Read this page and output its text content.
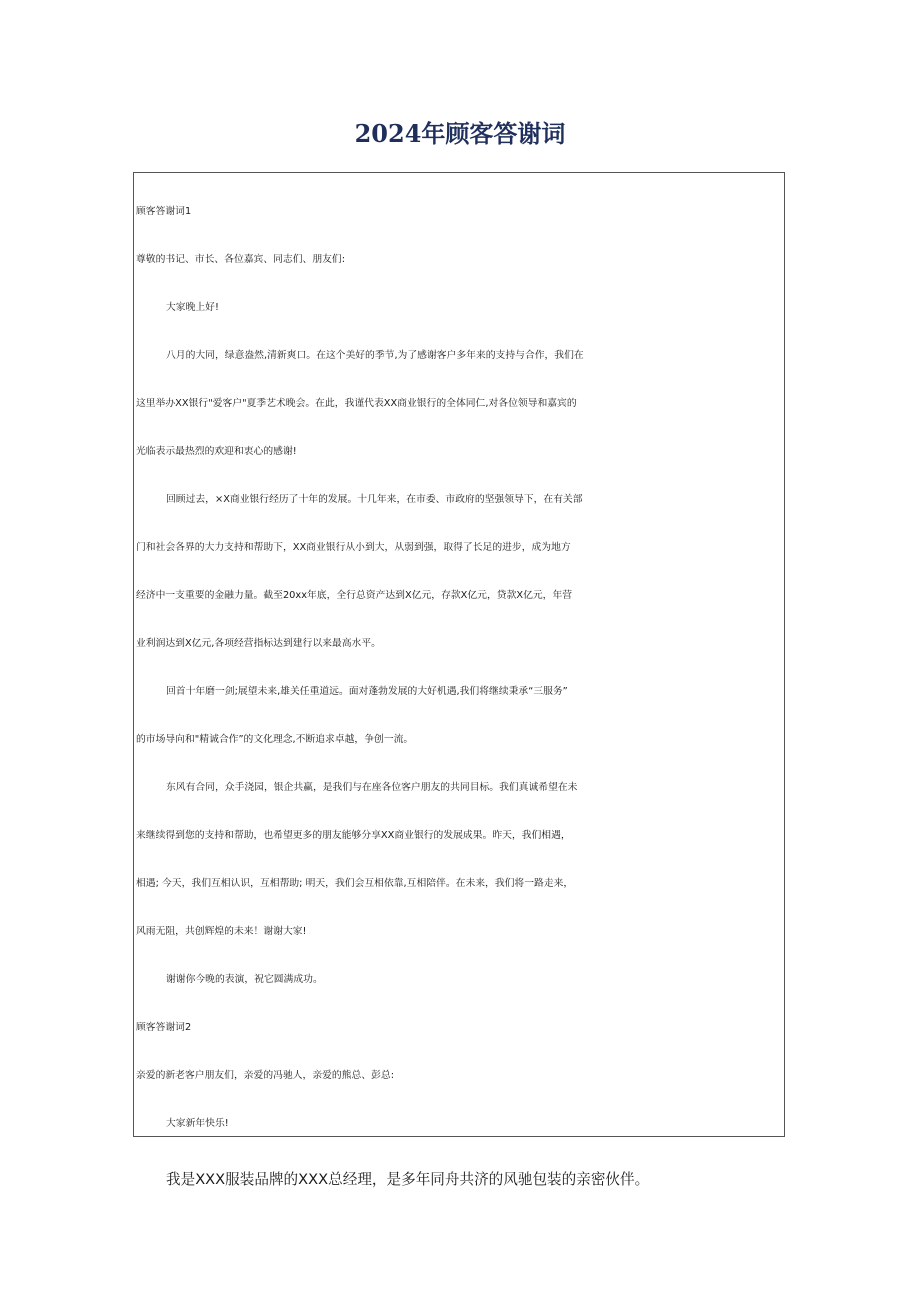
2024年顾客答谢词

顾客答谢词1

尊敬的书记、市长、各位嘉宾、同志们、朋友们:

大家晚上好!

八月的大同，绿意盎然,清新爽口。在这个美好的季节,为了感谢客户多年来的支持与合作，我们在

这里举办XX银行"爱客户"夏季艺术晚会。在此，我谨代表XX商业银行的全体同仁,对各位领导和嘉宾的

光临表示最热烈的欢迎和衷心的感谢!

回顾过去，×X商业银行经历了十年的发展。十几年来，在市委、市政府的坚强领导下，在有关部

门和社会各界的大力支持和帮助下，XX商业银行从小到大，从弱到强，取得了长足的进步，成为地方

经济中一支重要的金融力量。截至20xx年底，全行总资产达到X亿元，存款X亿元，贷款X亿元，年营

业利润达到X亿元,各项经营指标达到建行以来最高水平。

回首十年磨一剑;展望未来,雄关任重道远。面对蓬勃发展的大好机遇,我们将继续秉承“三服务”

的市场导向和"精诚合作”的文化理念,不断追求卓越，争创一流。

东风有合同，众手浇园，银企共赢，是我们与在座各位客户朋友的共同目标。我们真诚希望在未

来继续得到您的支持和帮助，也希望更多的朋友能够分享XX商业银行的发展成果。昨天，我们相遇，

相遇; 今天，我们互相认识，互相帮助; 明天，我们会互相依靠,互相陪伴。在未来，我们将一路走来，

风雨无阻，共创辉煌的未来！谢谢大家!

谢谢你今晚的表演，祝它圆满成功。

顾客答谢词2

亲爱的新老客户朋友们，亲爱的冯驰人，亲爱的熊总、彭总:

大家新年快乐!

我是XXX服装品牌的XXX总经理，是多年同舟共济的风驰包装的亲密伙伴。
